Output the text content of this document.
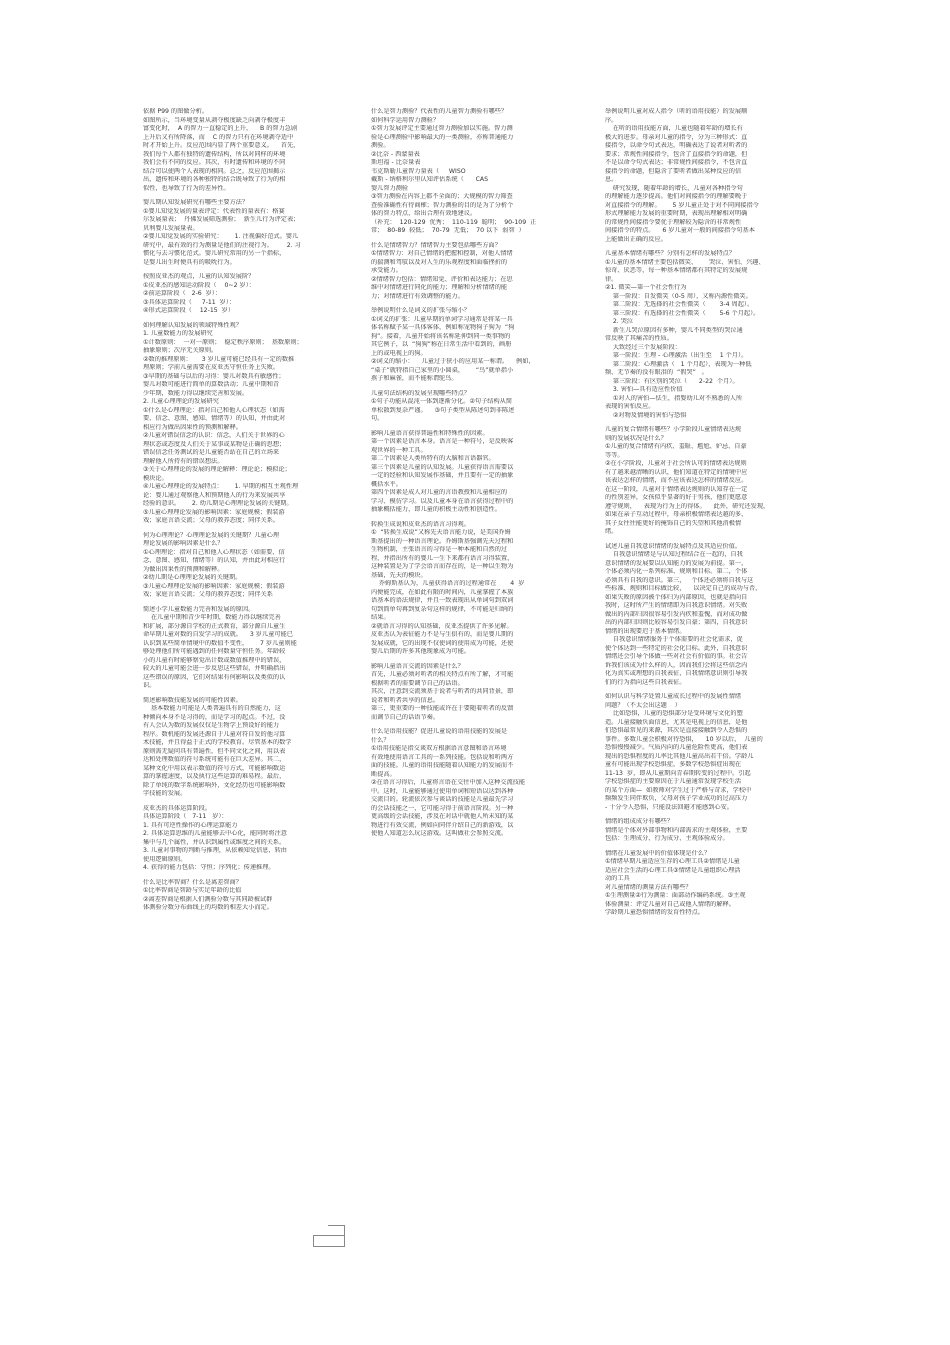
依据 P99 的图做分析。
如图所示，当环境变量从剥夺极度缺乏向剥夺极度丰
富变化时，  A 的智力一直稳定的上升，    B 的智力急剧
上升后又有所降落，而    C 的智力只有在环境剥夺适中
时才开始上升。反应范围内显了两个重要意义。    首先，
我们每个人都有独特的遗传结构，所以对同样的环境
我们会有不同的反应。其次，有时遗传和环境的不同
结合可以使两个人表现的相同。总之，反应范围揭示
出，遗传和环境的各种独特的结合既导致了行为的相
似性，也导致了行为的差异性。
婴儿期认知发展研究有哪些主要方法？
①婴儿知觉发展的量表评定：代表性的量表有：格赛
尔发展量表；  丹佛发展筛选测验；  新生儿行为评定表；
贝利婴儿发展量表。
②婴儿知觉发展的实验研究：      1. 注视偏好范式。婴儿
研究中，最有效的行为测量是他们的注视行为。       2. 习
惯化与去习惯化范式。婴儿研究常用的另一个指标，
是婴儿出生时便具有的吸吮行为。
按照皮亚杰的观点，儿童的认知发展阶？
①皮亚杰的感知运动阶段（    0~2 岁）：
②前运算阶段（   2-6  岁）：
③具体运算阶段（     7-11  岁）：
④形式运算阶段（    12-15  岁）
如何理解认知发展的领域特殊性观？
1. 儿童数能力的发展研究
①计数原则：  一对一原则；  稳定秩序原则；  基数原则；
抽象原则；次序无关原则。
②数的推理原则：     3 岁儿童可能已经具有一定的数推
理原则；学前儿童需要在皮亚杰守恒任务上失败。
③早期的基础与以后的习得：婴儿对数具有敏感性；
婴儿对数可能进行简单的算数活动；儿童中期和青
少年期，数能力得以继续完善和发展。
2. 儿童心理理论的发展研究
①什么是心理理论：指对自己和他人心理状态（如需
要、信念、意图、感知、情绪等）的认知，并由此对
相应行为做出因果性的预测和解释。
②儿童对错误信念的认识：信念，人们关于世界的心
理状态或态度及人们关于某事或某物是正确的思想；
错误信念任务测试的是儿童能否站在自己的立场来
理解他人所持有的错误想法。
③关于心理理论的发展的理论解释：理论论；模拟论；
模块论。
④儿童心理理论的发展特点：      1. 早期的相互主观性理
论：婴儿通过观察他人和预期他人的行为来发展共享
经验的意识。      2. 幼儿期是心理理论发展的关键期。
⑤儿童心理理论发展的影响因素：家庭规模；假装游
戏；家庭言语交流；父母的教养态度；同伴关系。
何为心理理论？心理理论发展的关键期？儿童心理
理论发展的影响因素是什么？
①心理理论：指对自己和他人心理状态（如需要、信
念、意图、感知、情绪等）的认知，并由此对相应行
为做出因果性的预测和解释。
②幼儿期是心理理论发展的关键期。
③儿童心理理论发展的影响因素：家庭规模；假装游
戏；家庭言语交流；父母的教养态度；同伴关系
简述小学儿童数能力完善和发展的原因。
在儿童中期和青少年时期，数能力得以继续完善
和扩展，部分源自学校的正式教育，部分源自儿童生
命早期儿童对数的自发学习的成就。    3 岁儿童可能已
认识到某些简单情境中的数值不变性，      7 岁儿童则能
够处理他们所可能遇到的任何数量守恒任务。年龄较
小的儿童有时能够察觉出计数或数值推理中的错误，
较大的儿童可能会进一步反思这些错误，并明确指出
这些错误的原因，它们对结果有何影响以及类似的认
识。
简述影响数技能发展的可能性因素。
基本数能力可能是人类普遍具有的自然能力，这
种倾向本身不是习得的，而是学习的起点。不过，没
有人会认为数的发展仅仅是生物学上预设好的能力
程序。数机能的发展还源自于儿童对符自发的他习算
术技能，并且得益于正式的学校教育。尽管基本的数学
原则需无疑问具有普遍性，但不同文化之间，用以表
达和处理数值的符号系统可能有在巨大差异。其二，
某种文化中用以表示数值的符号方式，可能影响数运
算的掌握速度，以及执行这些运算的难易程。最后，
除了单纯的数字系统影响外，文化经历也可能影响数
字技能的发展。
皮亚杰的具体运算阶段。
具体运算阶段（   7-11   岁）：
1. 具有可逆性操作的心理运算能力
2. 具体运算思维的儿童能够去中心化，能同时将注意
集中与几个属性，并认识到属性或维度之间的关系。
3. 儿童对事物的判断与推理，从依赖知觉信息，转由
使用逻辑原则。
4. 获得的能力包括：守恒；序列化；传递推理。
什么是比率智商？什么是离差智商？
①比率智商是智龄与实足年龄的比值
②离差智商是根据人们测验分数与其同龄被试群
体测验分数分布曲线上的均数的相差大小而定。
什么是智力测验？代表性的儿童智力测验有哪些？
如何科学运用智力测验？
①智力发展评定主要通过智力测验加以实施。智力测
验是心理测验中影响最大的一类测验，亦称普通能力
测验。
②比奈 - 西蒙量表
斯坦福 - 比奈量表
韦克斯勒儿童智力量表（     WISO
戴斯 - 纳格利尔里认知评估系统（      CAS
婴儿智力测验
③智力测验在内容上都不全面的；大规模的智力筛查
查验准确性有待商榷；智力测验的目的是为了分析个
体的智力特点，给出合理有效地建议。
（补充：  120-129  优秀；  110-119  聪明；  90-109  正
常；  80-89  较低；  70-79  无低；  70 以下  弱智  ）
什么是情绪智力？情绪智力主要包括哪些方面？
①情绪智力：对自己情绪的把握和控制，对他人情绪
的揣测和驾驭以及对人生的乐观程度和面临挫折的
承受能力。
②情绪智力包括：情绪知觉、评价和表达能力；在思
维中对情绪进行同化的能力；理解和分析情绪的能
力；对情绪进行有效调整的能力。
举例说明什么是词义的扩张与缩小？
①词义的扩张：儿童早期的单词学习通常是将某一具
体名称赋予某一具体客体，例如称宠物狗子狗为  “狗
狗”。接着，儿童开始将该名称延伸到同一类事物的
其它例子，以  “狗狗”称在日常生活中看到的，画册
上的或电视上的狗。
②词义的缩小：    儿童过于狭小的应用某一称谓。    例如，
“桌子”就特指自己家里的小圆桌，      “鸟”就单指小
燕子和麻雀，而不能称谓鸵鸟。
儿童句法结构的发展呈现哪些特点？
①句子功能从混沌一体到逐渐分化。②句子结构从简
单松散到复杂严谨。    ③句子类型从陈述句到非陈述
句。
影响儿童语言获得普遍性和特殊性的因素。
第一个因素是语言本身。语言是一种符号，是反映客
观世界的一种工具。
第二个因素是人类所特有的大脑和言语器官。
第三个因素是儿童的认知发展。儿童获得语言需要以
一定的经验和认知发展作基础，并且要有一定的抽象
概括水平。
第四个因素是成人对儿童的言语教授和儿童相应的
学习、模仿学习。以及儿童本身在语言获得过程中的
抽象概括能力，即儿童的积极主动性和创造性。
转换生成说和皮亚杰的语言习得观。
①  “转换生成说”又称先天语言能力说，是美国乔姆
斯基提出的一种语言理论。乔姆斯基强调先天过程和
生物机制，主张语言的习得是一种本能和自然的过
程，并指出所有的婴儿一生下来都有语言习得装置，
这种装置是为了学会语言而存在的，是一种以生物为
基础，先天的模块。
乔姆斯基认为，儿童获得语言的过程通常在       4  岁
内便能完成，在如此有限的时间内，儿童掌握了本族
语基本的语法规律，并且一致表现出从单词句到双词
句到简单句再到复杂句这样的规律，不可能是归纳的
结果。
②就语言习得的认知基础，皮亚杰提供了许多见解。
皮亚杰认为表征能力不是与生俱有的，而是婴儿期的
发展成就，它的出现不仅使词的使用成为可能，还使
婴儿后期的许多其他现象成为可能。
影响儿童语言交流的因素是什么？
首先，儿童必须对听者的相关特点有所了解，才可能
根据听者的需要调节自己的话语。
其次，注意到交流须基于说者与听者的共同背景，即
说者和听者共享的信息。
第三，更重要的一种技能或许在于要随着听者的反馈
而调节自己的话语节奏。
什么是语用技能？促进儿童说的语用技能的发展是
什么？
①语用技能是指交谈双方根据语言意图和语言环境
有效地使用语言工具的一系列技能。包括说和听两方
面的技能。儿童的语用技能随着认知能力的发展而不
断提高。
②在语言习得后，儿童将言语在交往中加入这种交流技能
中。这时，儿童能够通过使用单词和短语以达到各种
交流目的。轮流依次参与谈话的技能是儿童最先学习
的会话技能之一，它可能习得于前语言阶段。另一种
更高级的会话技能，涉及在对话中就他人所未知的某
物进行有效交流，例如向同伴介绍自己的新游戏，以
使他人知道怎么玩这游戏。这叫做社会参照交流。
举例说明儿童对成人指令（听的语用技能）的发展顺
序。
在听的语用技能方面，儿童也随着年龄的增长有
极大的进步。母亲对儿童的指令，分为三种形式：直
接指令，以命令句式表达，明确表达了说者对听者的
要求；常规性间接指令，包含了直接指令的命题，但
不是以命令句式表达；非常规性间接指令，不包含直
接指令的命题，但隐含了要听者做出某种反应的信
息。
研究发现，随着年龄的增长，儿童对各种指令句
的理解能力逐步提高。他们对间接指令的理解要晚于
对直接指令的理解。      5 岁儿童正处于对不同间接指令
形式理解能力发展的重要时期，表现出理解相对明确
的常规性间接指令要优于理解较为隐含的非常规性
间接指令的特点。    6 岁儿童对一般的间接指令句基本
上能做出正确的反应。
儿童基本情绪有哪些？分别有怎样的发展特点？
①儿童的基本情绪主要包括微笑、      哭泣、害怕、兴趣、
惊奇、厌恶等，每一种基本情绪都有其特定的发展规
律。
②1. 微笑—第一个社会性行为
第一阶段：自发微笑（0-5 周），又称内源性微笑。
第二阶段：无选择的社会性微笑（       3-4 周起）。
第三阶段：有选择的社会性微笑（       5-6 个月起）。
2. 哭泣
新生儿哭泣原因有多种，婴儿不同类型的哭泣通
常反映了其痛苦的性质。
大致经过三个发展阶段：
第一阶段：生理 - 心理激活（出生至    1 个月）。
第二阶段：心理激活（   1 个月起），表现为一种低
频、无节奏的没有眼泪的  “假哭”   。
第三阶段：有区别的哭泣（      2-22  个月）。
3. 害怕—具有适应性价值
①对人的害怕—怯生，指婴幼儿对不熟悉的人所
表现的害怕反应。
②对物及情境的害怕与恐惧
儿童的复合情绪有哪些？小学阶段儿童情绪表达规
则的发展状况是什么？
①儿童的复合情绪有内疚、羞耻、尴尬、妒忌、自豪
等等。
②在小学阶段，儿童对于社会所认可的情绪表达规则
有了越来越清晰的认识，他们知道在特定的情境中应
该表达怎样的情绪，而不应该表达怎样的情绪反应。
在这一阶段，儿童对于情绪表达规则的认知存在一定
的性别差异，女孩似乎显著的好于男孩，他们更愿意
遵守规则，    表现为行为上的得体。    此外，研究还发现，
如果在亲子互动过程中，母亲积极情绪表达越的多，
其子女往往能更好的掩饰自己的失望和其他消极情
绪。
试述儿童自我意识情绪的发展特点及其适应价值。
自我意识情绪是与认知过程结合在一起的，自我
意识情绪的发展要以认知能力的发展为前提。第一，
个体必须内化一系列标准、规则和目标。第二，个体
必须具有自我的意识。第三，   个体还必须将自我与这
些标准、规则和目标做比较，    以决定自己的成功与否，
如果失败的原因被个体归为内部原因，也就是指向自
我时，这时所产生的情绪即为自我意识情绪。对失败
做出的内部归因很容易引发内疚和羞愧，而对成功做
出的内部归因则比较容易引发自豪；第四，自我意识
情绪的出现要迟于基本情绪。
自我意识情绪服务于个体需要的社会化需求，促
使个体达到一些特定的社会化目标。此外，自我意识
情绪还会引导个体做一些对社会有价值的事。社会告
诉我们该成为什么样的人，因而我们会将这些信念内
化为真实或理想的自我表征，自我情绪意识则引导我
们的行为指向这些自我表征。
如何认识与科学处置儿童成长过程中的发展性情绪
问题？（不太会出这题    ）
比如恐惧，儿童的恐惧部分是受环境与文化的塑
造。儿童接触负面信息，尤其是电视上的信息，是他
们恐惧最常见的来源，其次是直接接触到令人恐惧的
事件。多数儿童会积极对待恐惧，    10 岁以后，  儿童的
恐惧慢慢减少。气质内向的儿童危险性更高，他们表
现出的恐惧程度的儿率比其他儿童高出若干倍。学龄儿
童有可能出现学校恐惧症，多数学校恐惧症出现在
11-13  岁，即从儿童期向青春期转变的过程中。引起
学校恐惧症的主要原因在于儿童通常发现学校生活
的某个方面—  如教师对学生过于严格与苛求，学校中
频频发生同伴欺负，父母对孩子学业成功的过高压力
- 十分令人恐惧，只能设法回避才能感到心安。
情绪的组成成分有哪些？
情绪是个体对外部事物和内部需求的主观体验，主要
包括：生理成分、行为成分、主观体验成分。
情绪在儿童发展中的价值体现是什么？
①情绪早期儿童适应生存的心理工具②情绪是儿童
适应社会生活的心理工具③情绪是儿童组织心理活
动的工具
对儿童情绪的测量方法有哪些？
①生理测量②行为测量：面部动作编码系统。③主观
体验测量：评定儿童对自己或他人情绪的解释。
学龄期儿童恐惧情绪的发育性特点。
